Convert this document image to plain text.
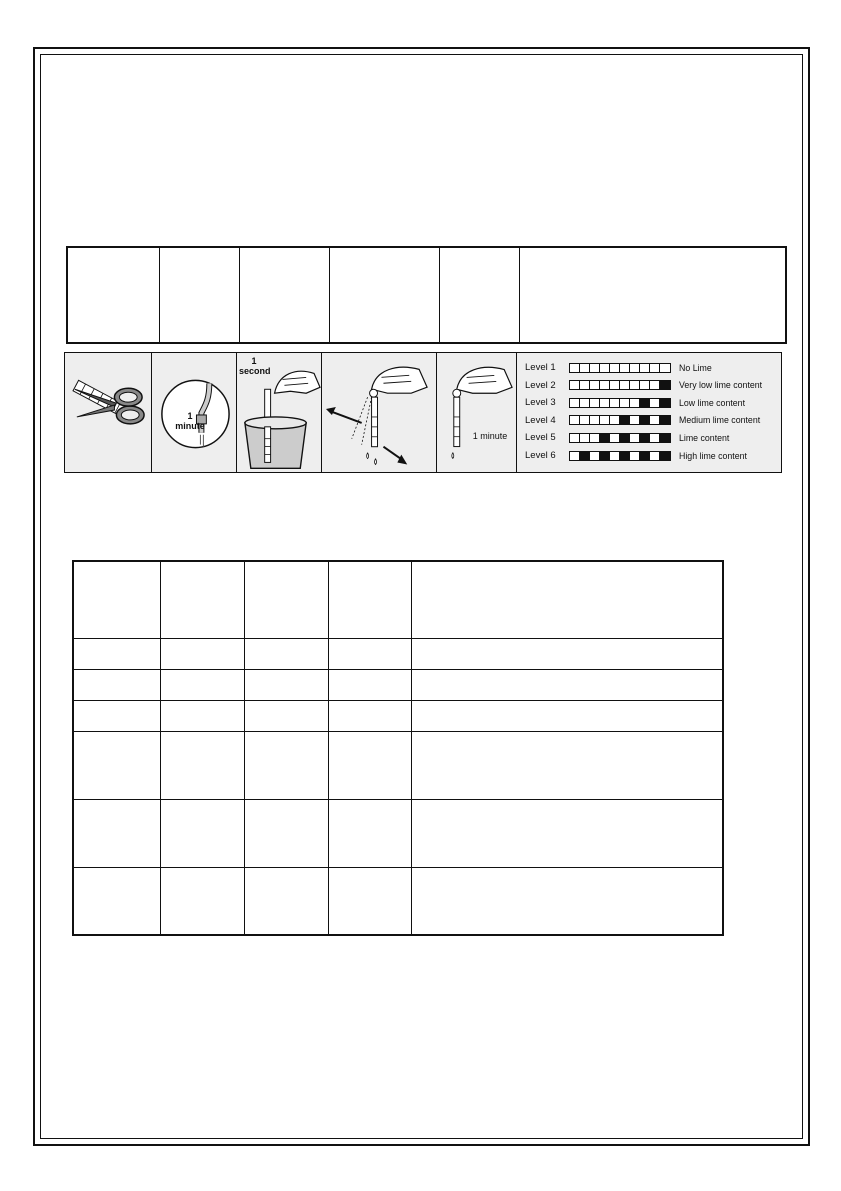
1
minute
1
second
1 minute
Level 1	No Lime
Level 2	Very low lime content
Level 3	Low lime content
Level 4	Medium lime content
Level 5	Lime content
Level 6	High lime content
